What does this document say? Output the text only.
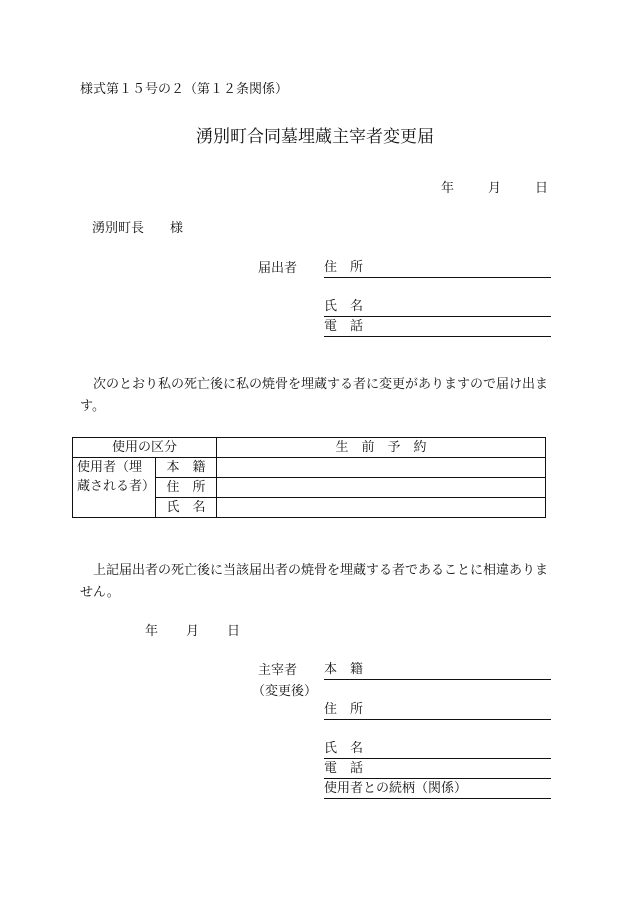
様式第１５号の２（第１２条関係）
湧別町合同墓埋蔵主宰者変更届
年	月	日
湧別町長 様
届出者 住　所
氏　名
電　話
次のとおり私の死亡後に私の焼骨を埋蔵する者に変更がありますので届け出ます。
使用の区分		生　前　予　約
使用者（埋蔵される者）	本　籍	
	住　所	
	氏　名	
上記届出者の死亡後に当該届出者の焼骨を埋蔵する者であることに相違ありません。
年 月 日
主宰者
（変更後）
本　籍
住　所
氏　名
電　話
使用者との続柄（関係）
